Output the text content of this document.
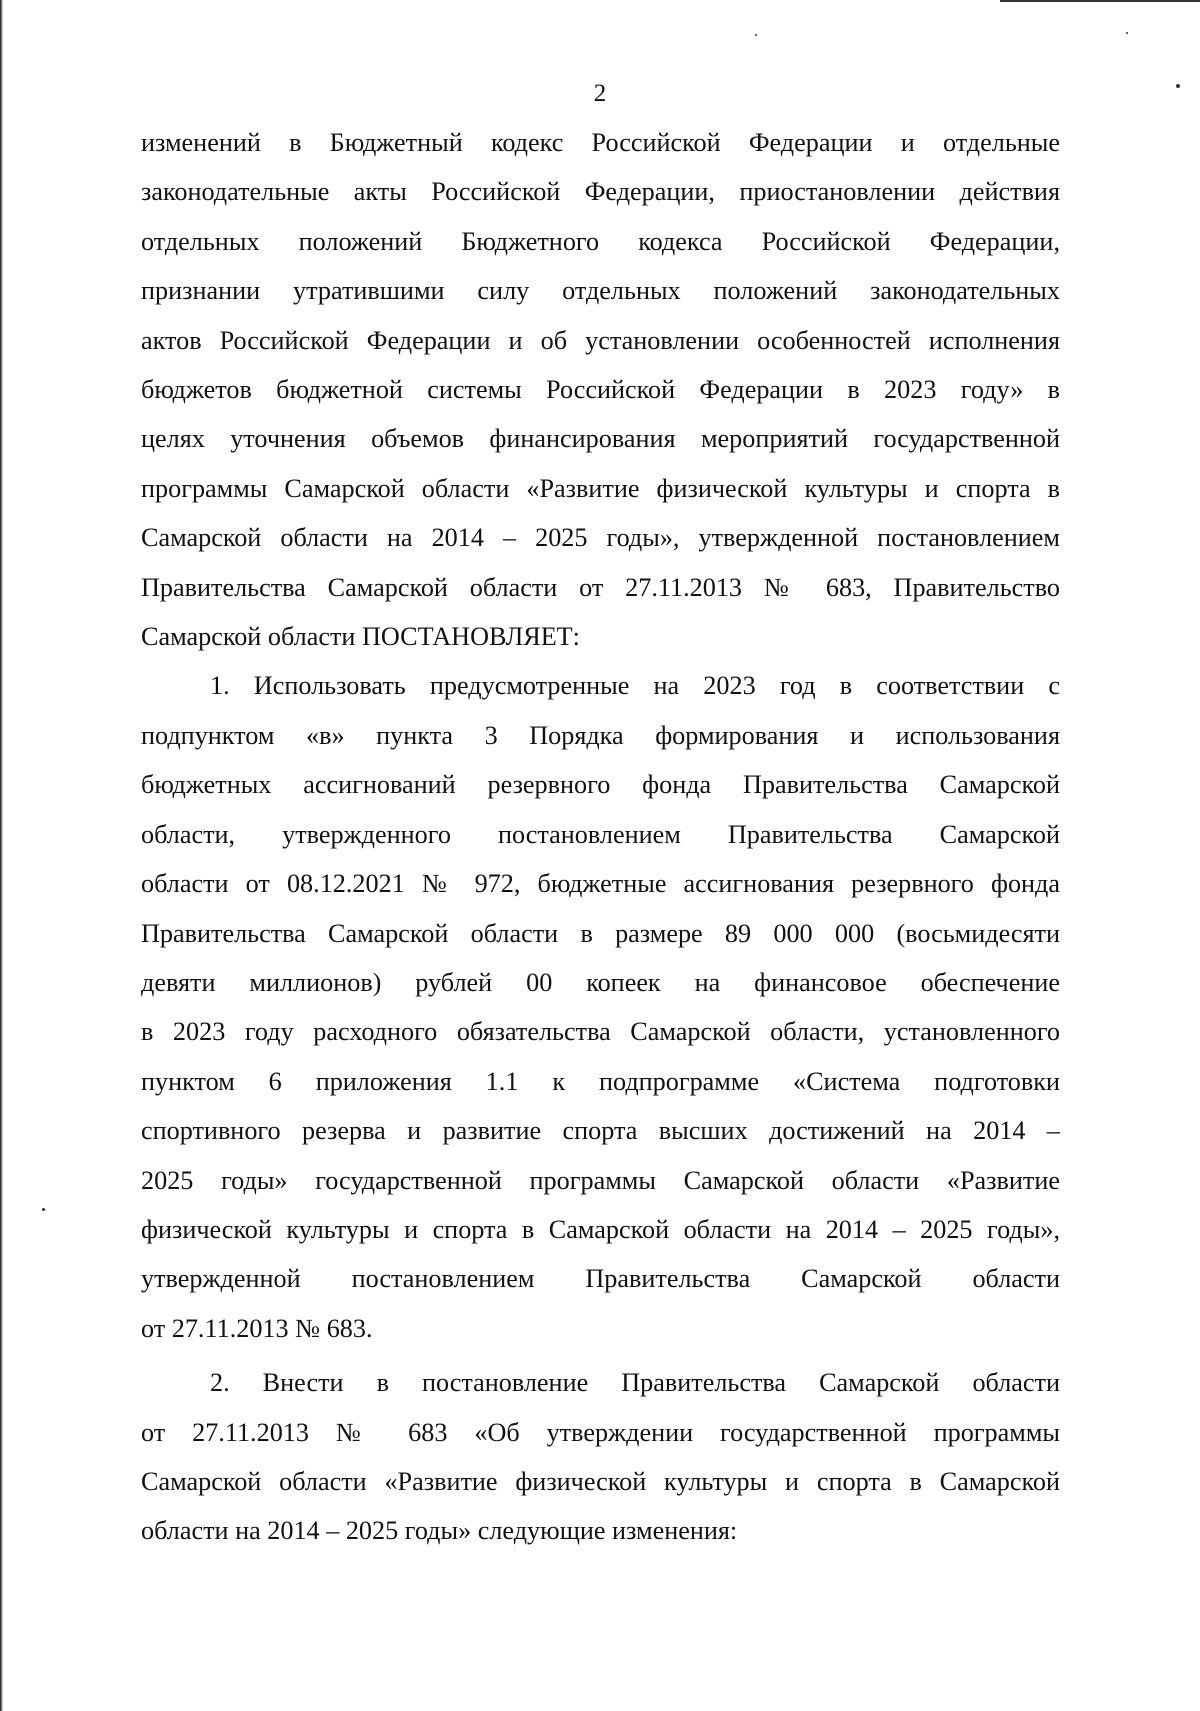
2

изменений в Бюджетный кодекс Российской Федерации и отдельные
законодательные акты Российской Федерации, приостановлении действия
отдельных положений Бюджетного кодекса Российской Федерации,
признании утратившими силу отдельных положений законодательных
актов Российской Федерации и об установлении особенностей исполнения
бюджетов бюджетной системы Российской Федерации в 2023 году» в
целях уточнения объемов финансирования мероприятий государственной
программы Самарской области «Развитие физической культуры и спорта в
Самарской области на 2014 – 2025 годы», утвержденной постановлением
Правительства Самарской области от 27.11.2013 № 683, Правительство
Самарской области ПОСТАНОВЛЯЕТ:

1. Использовать предусмотренные на 2023 год в соответствии с
подпунктом «в» пункта 3 Порядка формирования и использования
бюджетных ассигнований резервного фонда Правительства Самарской
области, утвержденного постановлением Правительства Самарской
области от 08.12.2021 № 972, бюджетные ассигнования резервного фонда
Правительства Самарской области в размере 89 000 000 (восьмидесяти
девяти миллионов) рублей 00 копеек на финансовое обеспечение
в 2023 году расходного обязательства Самарской области, установленного
пунктом 6 приложения 1.1 к подпрограмме «Система подготовки
спортивного резерва и развитие спорта высших достижений на 2014 –
2025 годы» государственной программы Самарской области «Развитие
физической культуры и спорта в Самарской области на 2014 – 2025 годы»,
утвержденной постановлением Правительства Самарской области
от 27.11.2013 № 683.

2. Внести в постановление Правительства Самарской области
от 27.11.2013 № 683 «Об утверждении государственной программы
Самарской области «Развитие физической культуры и спорта в Самарской
области на 2014 – 2025 годы» следующие изменения:
